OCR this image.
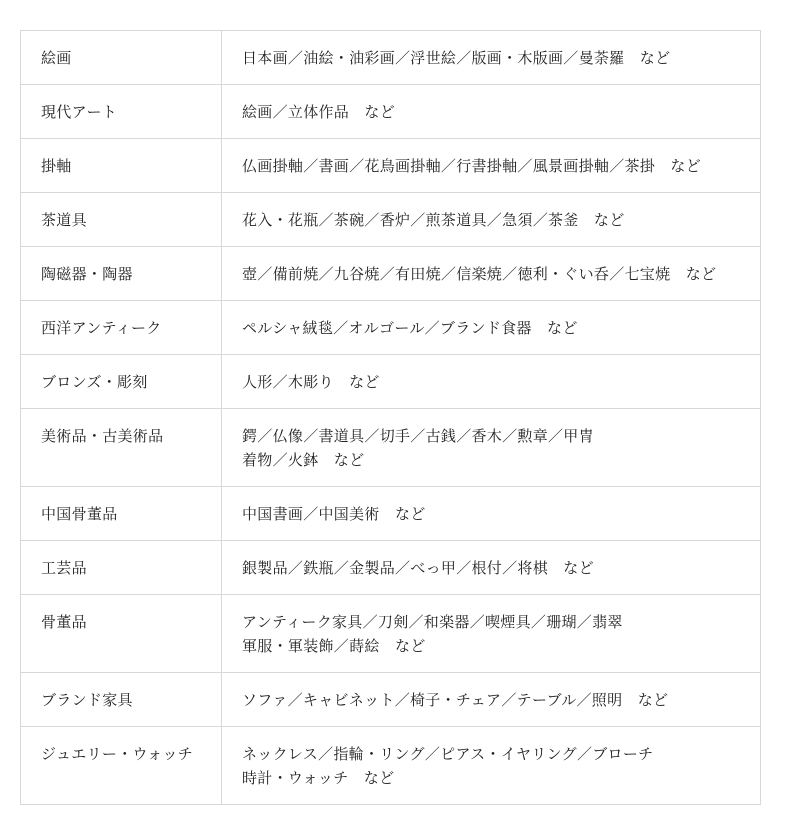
絵画	日本画／油絵・油彩画／浮世絵／版画・木版画／曼荼羅　など
現代アート	絵画／立体作品　など
掛軸	仏画掛軸／書画／花鳥画掛軸／行書掛軸／風景画掛軸／茶掛　など
茶道具	花入・花瓶／茶碗／香炉／煎茶道具／急須／茶釜　など
陶磁器・陶器	壺／備前焼／九谷焼／有田焼／信楽焼／徳利・ぐい呑／七宝焼　など
西洋アンティーク	ペルシャ絨毯／オルゴール／ブランド食器　など
ブロンズ・彫刻	人形／木彫り　など
美術品・古美術品	鍔／仏像／書道具／切手／古銭／香木／勲章／甲冑
着物／火鉢　など
中国骨董品	中国書画／中国美術　など
工芸品	銀製品／鉄瓶／金製品／べっ甲／根付／将棋　など
骨董品	アンティーク家具／刀剣／和楽器／喫煙具／珊瑚／翡翠
軍服・軍装飾／蒔絵　など
ブランド家具	ソファ／キャビネット／椅子・チェア／テーブル／照明　など
ジュエリー・ウォッチ	ネックレス／指輪・リング／ピアス・イヤリング／ブローチ
時計・ウォッチ　など
